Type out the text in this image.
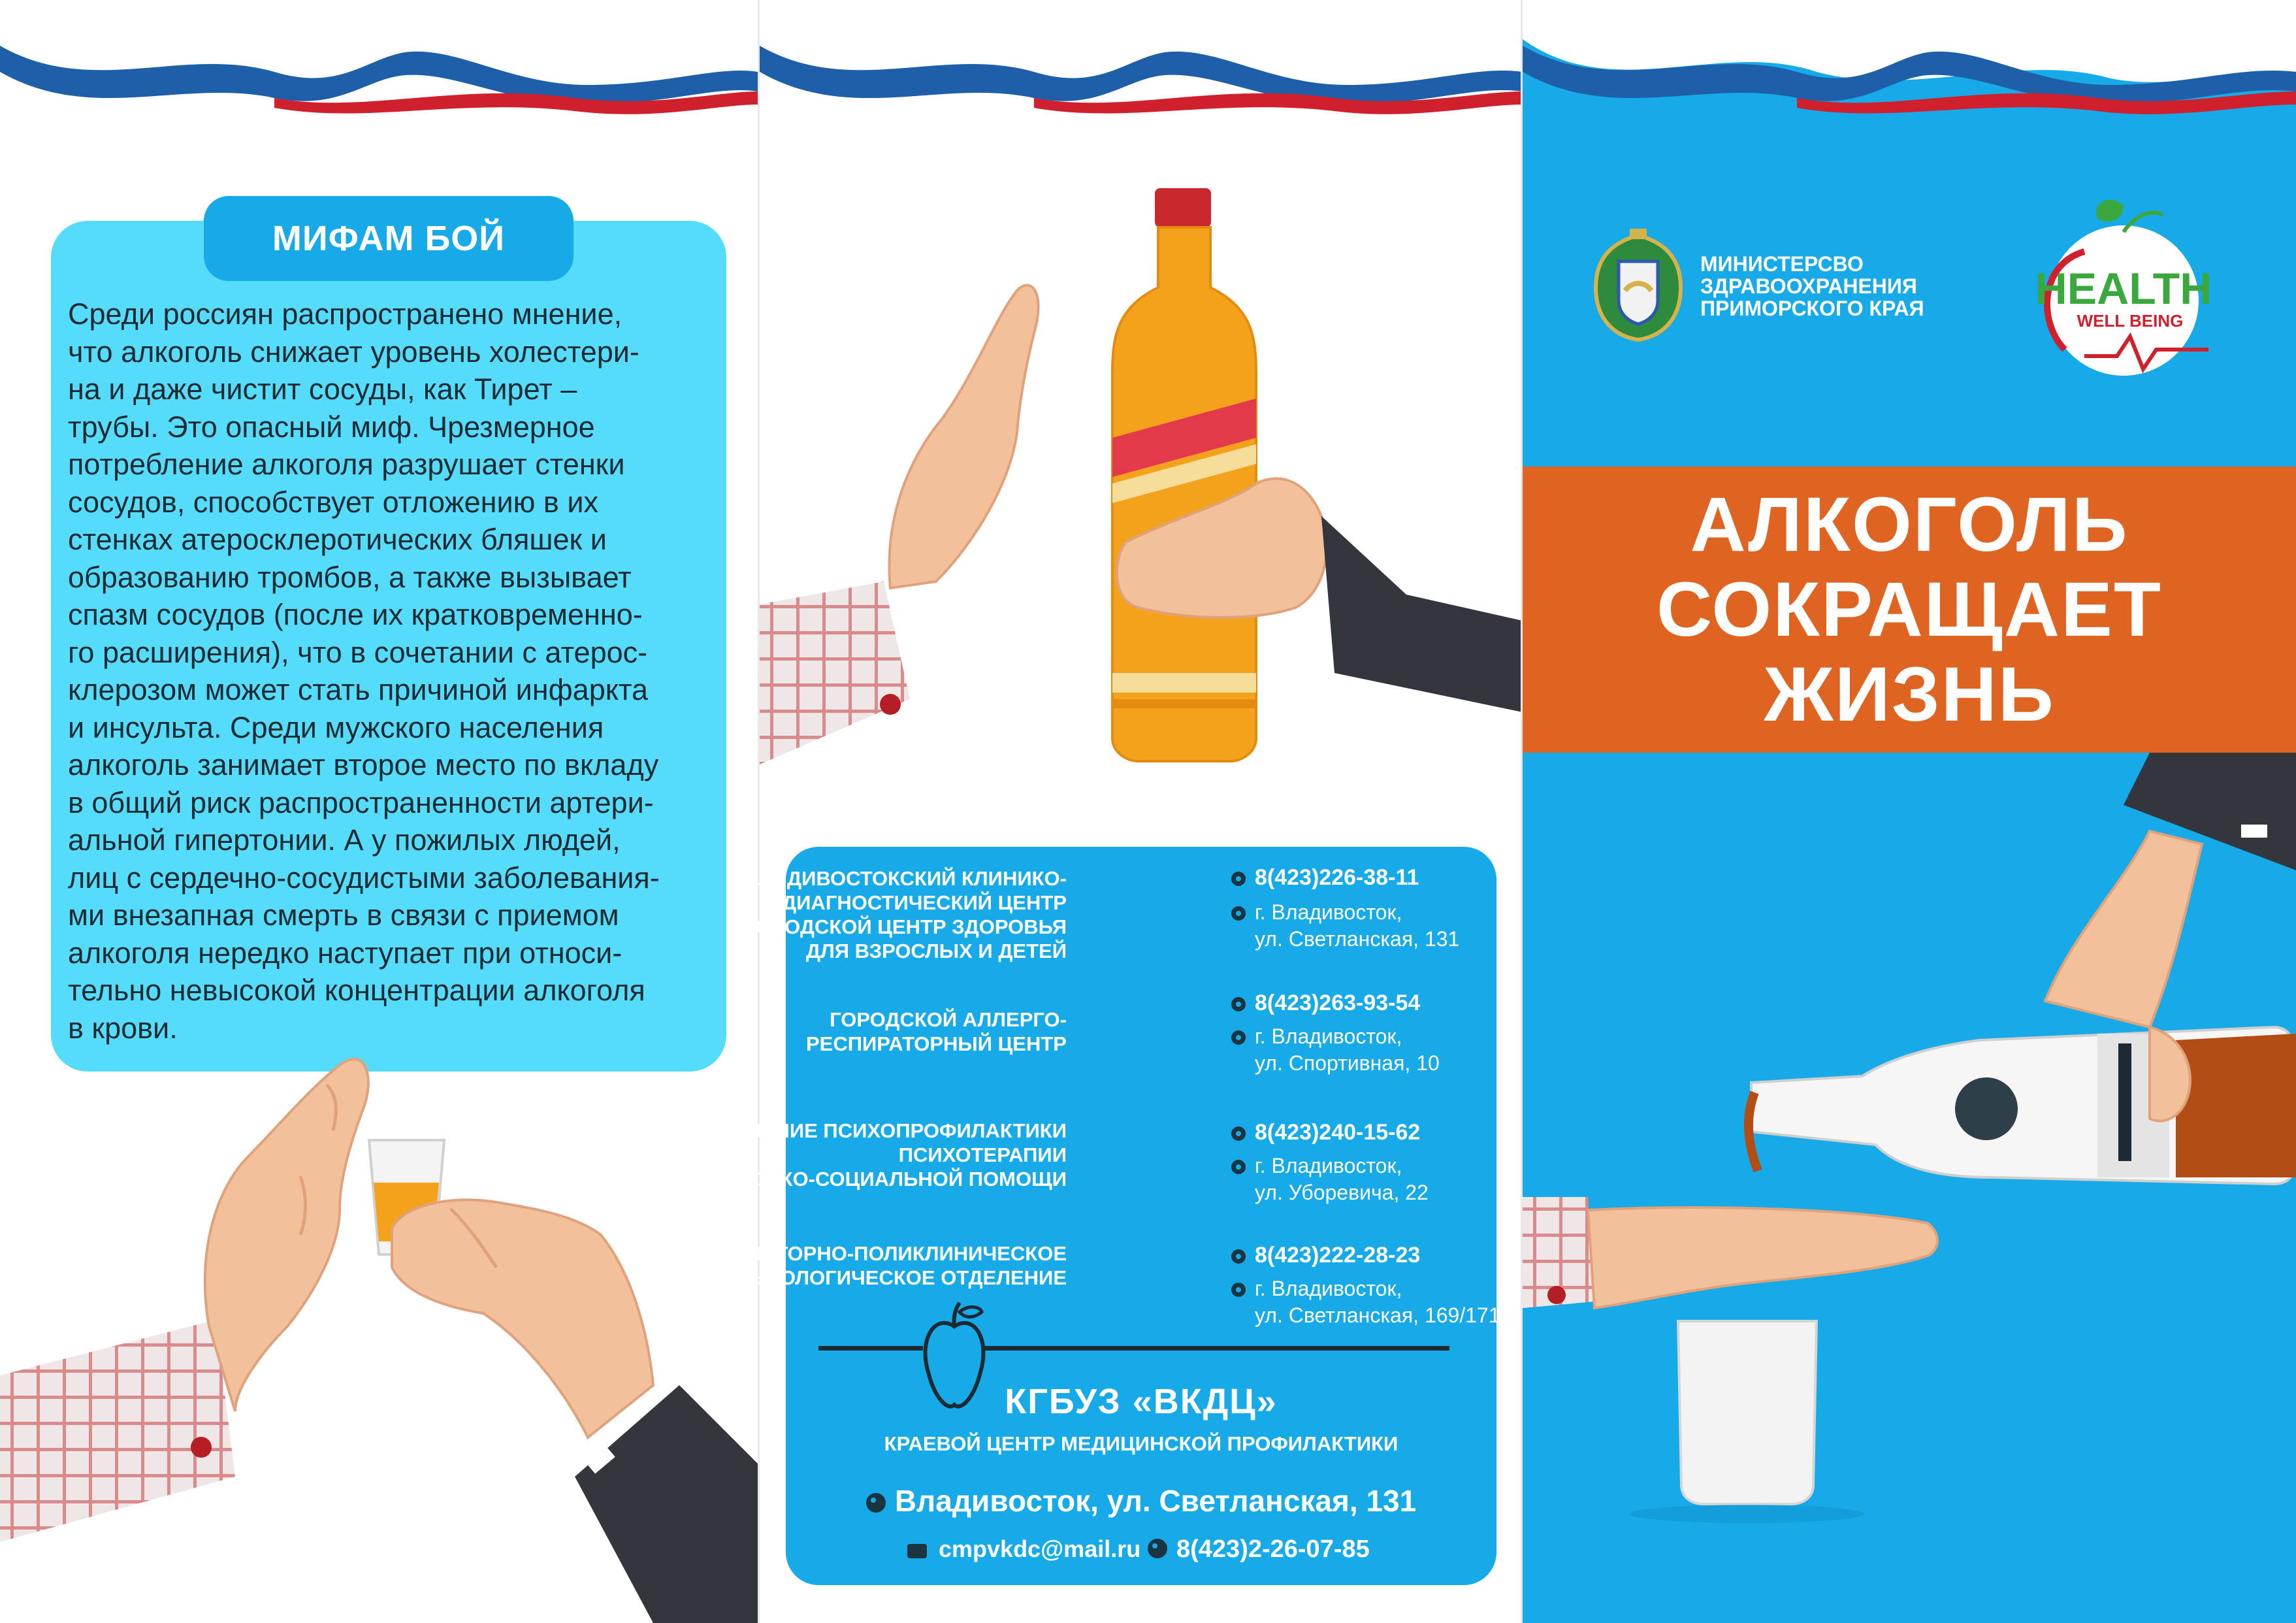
МИФАМ БОЙ
Среди россиян распространено мнение,
что алкоголь снижает уровень холестери-
на и даже чистит сосуды, как Тирет –
трубы. Это опасный миф. Чрезмерное
потребление алкоголя разрушает стенки
сосудов, способствует отложению в их
стенках атеросклеротических бляшек и
образованию тромбов, а также вызывает
спазм сосудов (после их кратковременно-
го расширения), что в сочетании с атерос-
клерозом может стать причиной инфаркта
и инсульта. Среди мужского населения
алкоголь занимает второе место по вкладу
в общий риск распространенности артери-
альной гипертонии. А у пожилых людей,
лиц с сердечно-сосудистыми заболевания-
ми внезапная смерть в связи с приемом
алкоголя нередко наступает при относи-
тельно невысокой концентрации алкоголя
в крови.
ВЛАДИВОСТОКСКИЙ КЛИНИКО-
ДИАГНОСТИЧЕСКИЙ ЦЕНТР
ГОРОДСКОЙ ЦЕНТР ЗДОРОВЬЯ
ДЛЯ ВЗРОСЛЫХ И ДЕТЕЙ
8(423)226-38-11
г. Владивосток,
ул. Светланская, 131
ГОРОДСКОЙ АЛЛЕРГО-
РЕСПИРАТОРНЫЙ ЦЕНТР
8(423)263-93-54
г. Владивосток,
ул. Спортивная, 10
ОТДЕЛЕНИЕ ПСИХОПРОФИЛАКТИКИ
ПСИХОТЕРАПИИ
И МЕДИКО-СОЦИАЛЬНОЙ ПОМОЩИ
8(423)240-15-62
г. Владивосток,
ул. Уборевича, 22
АМБУЛАТОРНО-ПОЛИКЛИНИЧЕСКОЕ
ОФТАЛЬМОЛОГИЧЕСКОЕ ОТДЕЛЕНИЕ
8(423)222-28-23
г. Владивосток,
ул. Светланская, 169/171
КГБУЗ «ВКДЦ»
КРАЕВОЙ ЦЕНТР МЕДИЦИНСКОЙ ПРОФИЛАКТИКИ
Владивосток, ул. Светланская, 131
cmpvkdc@mail.ru	8(423)2-26-07-85
МИНИСТЕРСВО
ЗДРАВООХРАНЕНИЯ
ПРИМОРСКОГО КРАЯ	HEALTH
WELL BEING
АЛКОГОЛЬ
СОКРАЩАЕТ
ЖИЗНЬ
